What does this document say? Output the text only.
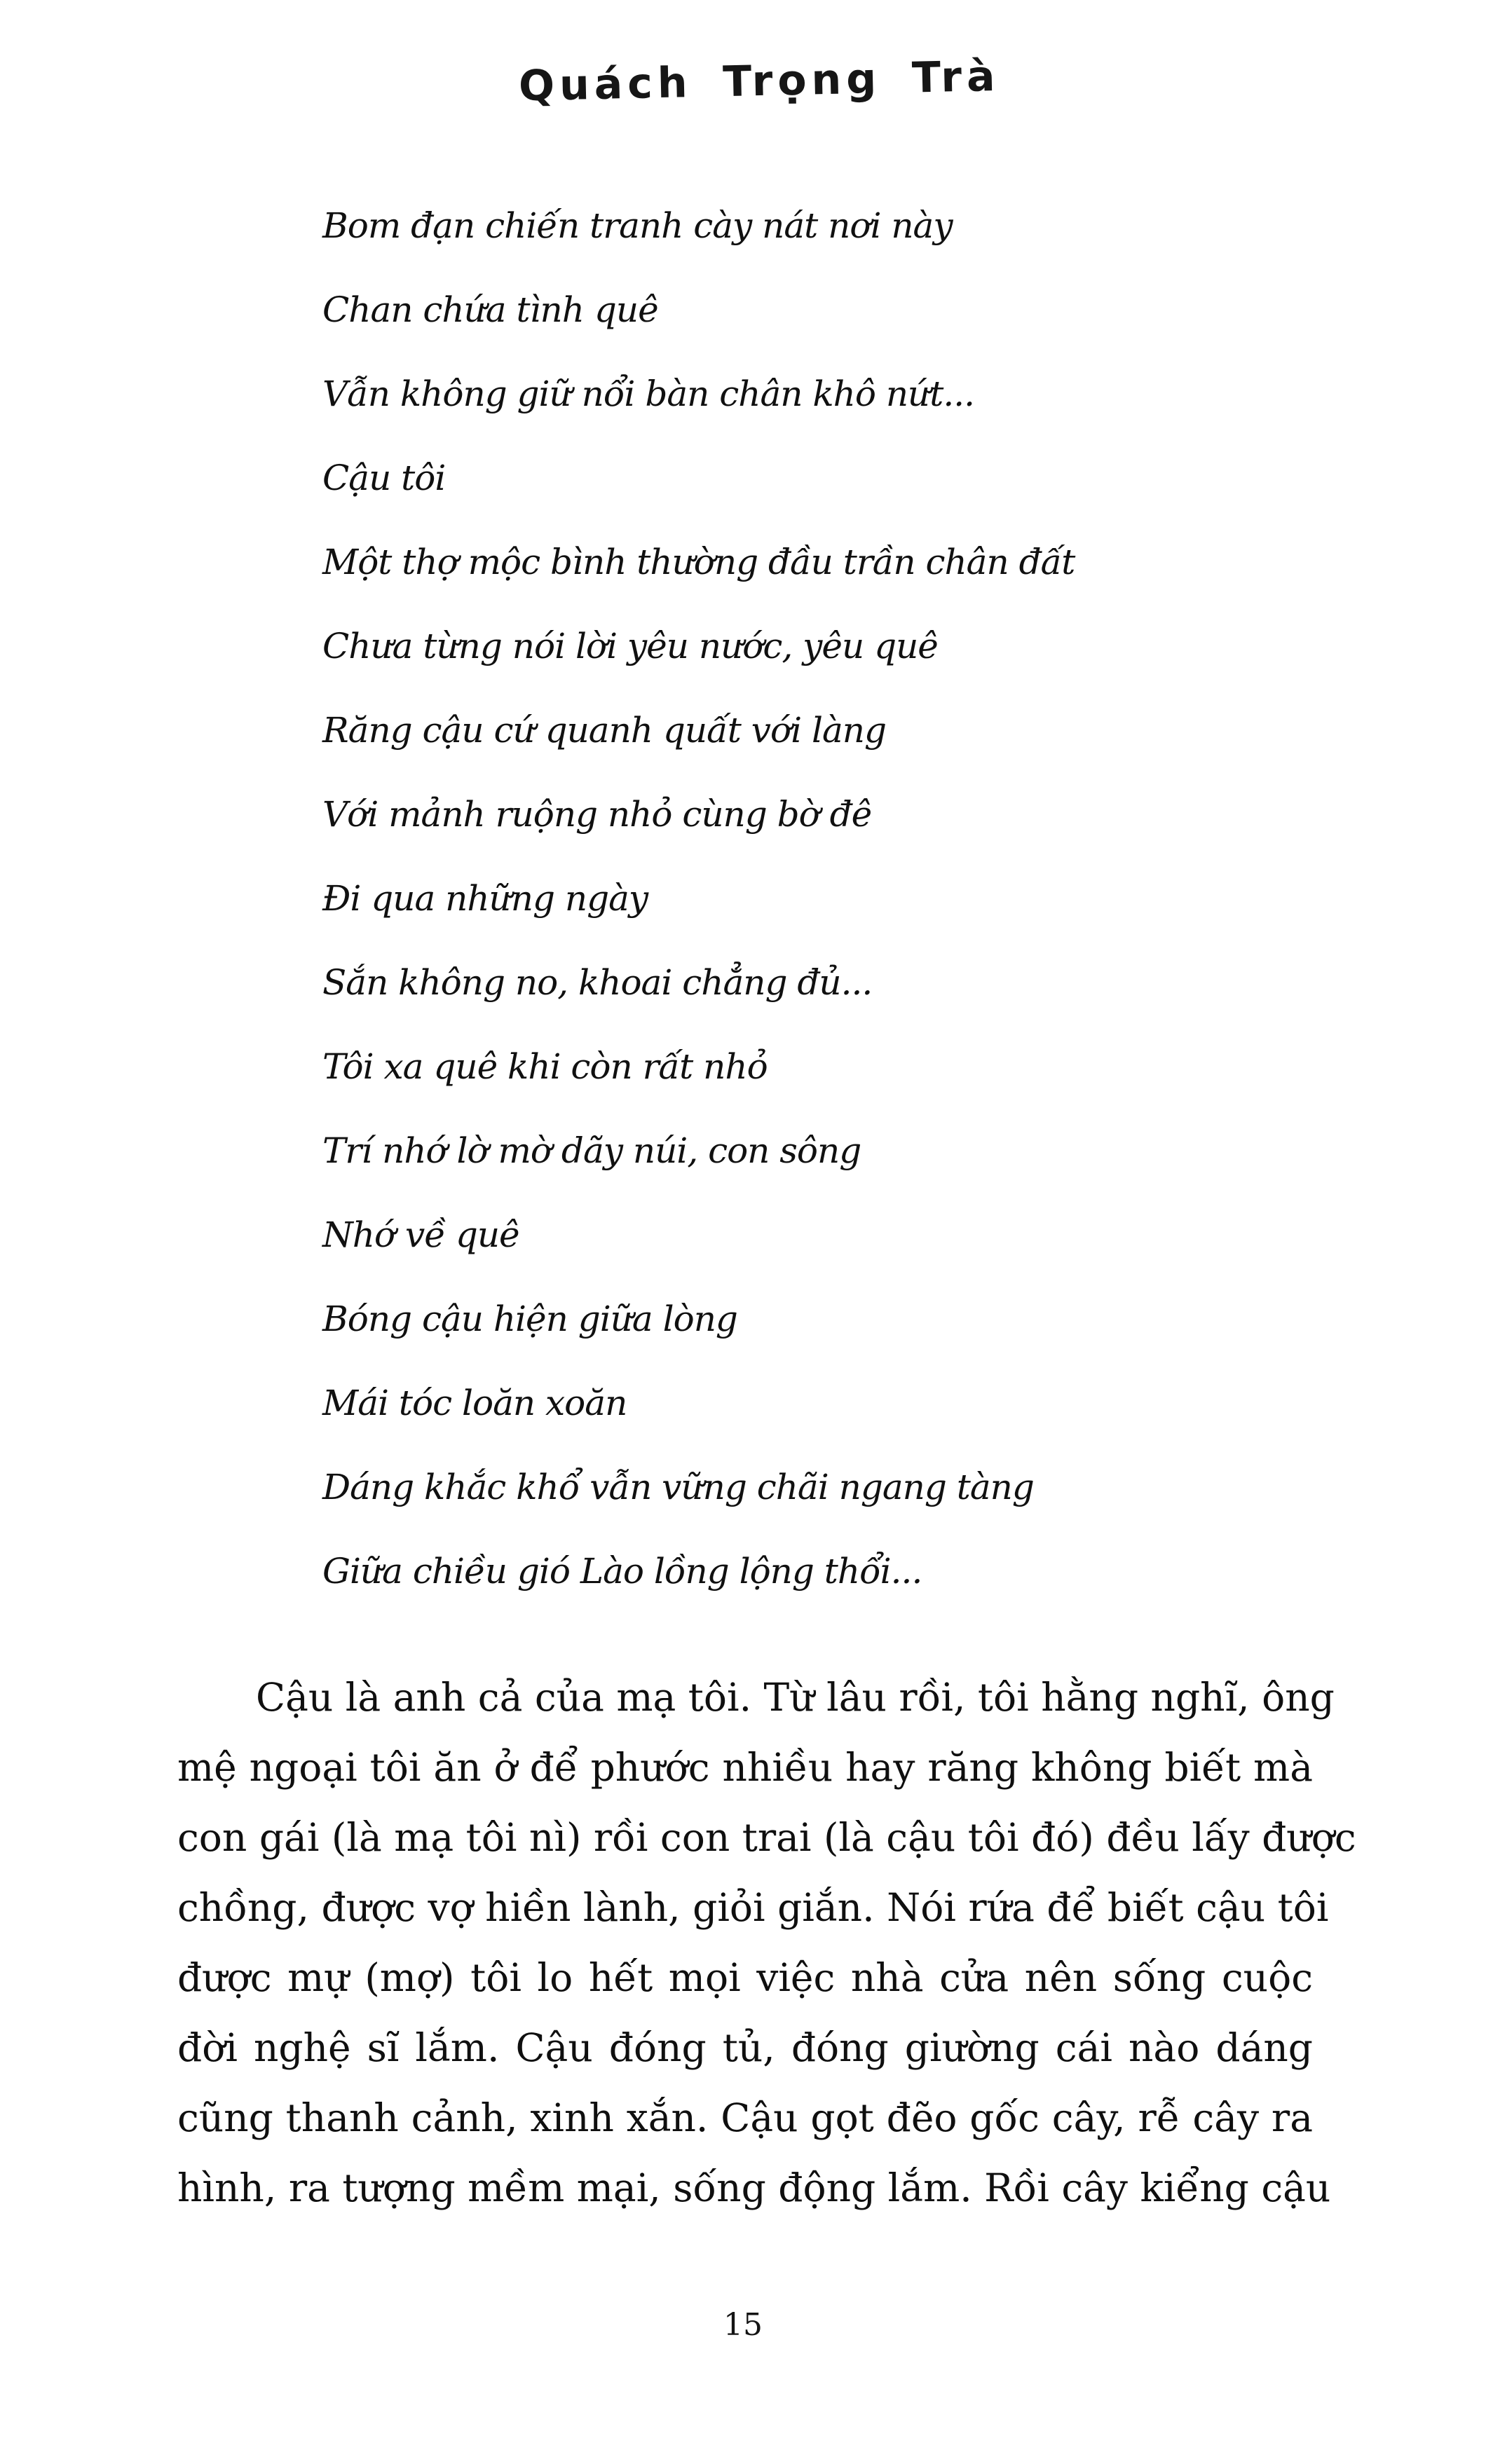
Quách Trọng Trà
Bom đạn chiến tranh cày nát nơi này
Chan chứa tình quê
Vẫn không giữ nổi bàn chân khô nứt...
Cậu tôi
Một thợ mộc bình thường đầu trần chân đất
Chưa từng nói lời yêu nước, yêu quê
Răng cậu cứ quanh quất với làng
Với mảnh ruộng nhỏ cùng bờ đê
Đi qua những ngày
Sắn không no, khoai chẳng đủ...
Tôi xa quê khi còn rất nhỏ
Trí nhớ lờ mờ dãy núi, con sông
Nhớ về quê
Bóng cậu hiện giữa lòng
Mái tóc loăn xoăn
Dáng khắc khổ vẫn vững chãi ngang tàng
Giữa chiều gió Lào lồng lộng thổi...
Cậu là anh cả của mạ tôi. Từ lâu rồi, tôi hằng nghĩ, ông
mệ ngoại tôi ăn ở để phước nhiều hay răng không biết mà
con gái (là mạ tôi nì) rồi con trai (là cậu tôi đó) đều lấy được
chồng, được vợ hiền lành, giỏi giắn. Nói rứa để biết cậu tôi
được mự (mợ) tôi lo hết mọi việc nhà cửa nên sống cuộc
đời nghệ sĩ lắm. Cậu đóng tủ, đóng giường cái nào dáng
cũng thanh cảnh, xinh xắn. Cậu gọt đẽo gốc cây, rễ cây ra
hình, ra tượng mềm mại, sống động lắm. Rồi cây kiểng cậu
15
